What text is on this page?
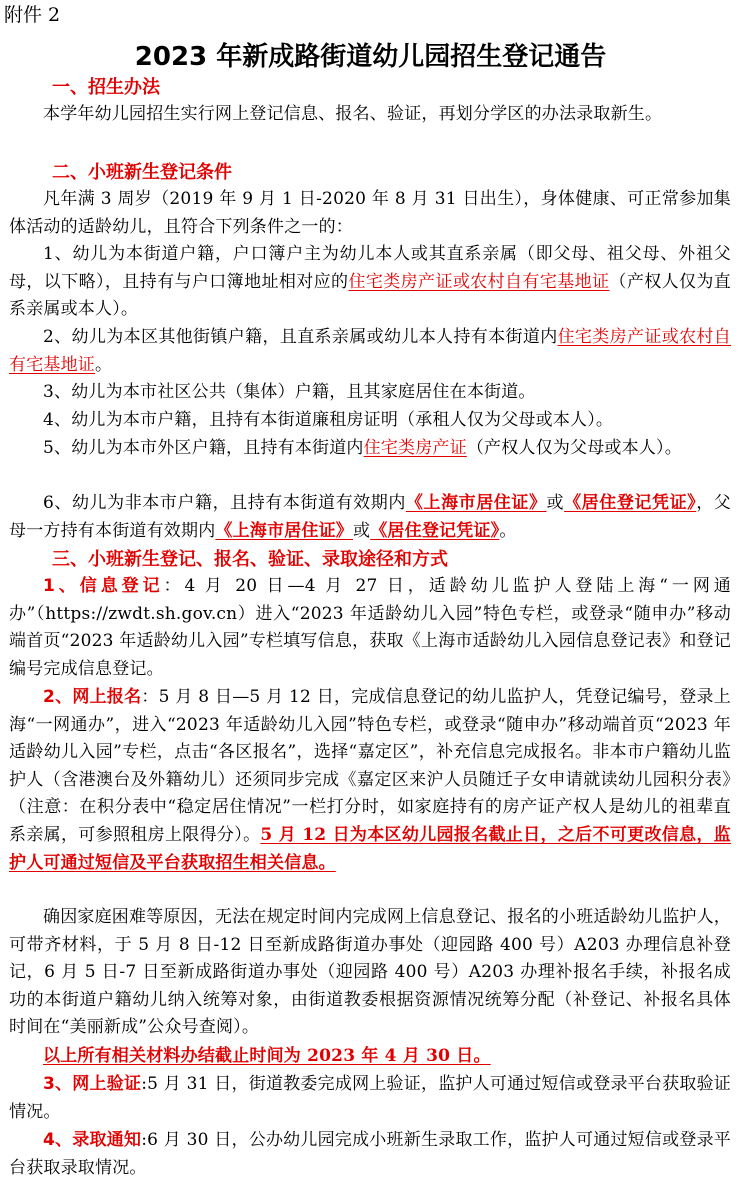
附件 2
2023 年新成路街道幼儿园招生登记通告
一、招生办法
本学年幼儿园招生实行网上登记信息、报名、验证，再划分学区的办法录取新生。
二、小班新生登记条件
凡年满 3 周岁（2019 年 9 月 1 日-2020 年 8 月 31 日出生），身体健康、可正常参加集体活动的适龄幼儿，且符合下列条件之一的：
1、幼儿为本街道户籍，户口簿户主为幼儿本人或其直系亲属（即父母、祖父母、外祖父母，以下略），且持有与户口簿地址相对应的住宅类房产证或农村自有宅基地证（产权人仅为直系亲属或本人）。
2、幼儿为本区其他街镇户籍，且直系亲属或幼儿本人持有本街道内住宅类房产证或农村自有宅基地证。
3、幼儿为本市社区公共（集体）户籍，且其家庭居住在本街道。
4、幼儿为本市户籍，且持有本街道廉租房证明（承租人仅为父母或本人）。
5、幼儿为本市外区户籍，且持有本街道内住宅类房产证（产权人仅为父母或本人）。
6、幼儿为非本市户籍，且持有本街道有效期内《上海市居住证》或《居住登记凭证》，父母一方持有本街道有效期内《上海市居住证》或《居住登记凭证》。
三、小班新生登记、报名、验证、录取途径和方式
1、信息登记：4 月 20 日—4 月 27 日，适龄幼儿监护人登陆上海“一网通办”（https://zwdt.sh.gov.cn）进入“2023 年适龄幼儿入园”特色专栏，或登录“随申办”移动端首页“2023 年适龄幼儿入园”专栏填写信息，获取《上海市适龄幼儿入园信息登记表》和登记编号完成信息登记。
2、网上报名：5 月 8 日—5 月 12 日，完成信息登记的幼儿监护人，凭登记编号，登录上海“一网通办”，进入“2023 年适龄幼儿入园”特色专栏，或登录“随申办”移动端首页“2023 年适龄幼儿入园”专栏，点击“各区报名”，选择“嘉定区”，补充信息完成报名。非本市户籍幼儿监护人（含港澳台及外籍幼儿）还须同步完成《嘉定区来沪人员随迁子女申请就读幼儿园积分表》（注意：在积分表中“稳定居住情况”一栏打分时，如家庭持有的房产证产权人是幼儿的祖辈直系亲属，可参照租房上限得分）。5 月 12 日为本区幼儿园报名截止日，之后不可更改信息，监护人可通过短信及平台获取招生相关信息。
确因家庭困难等原因，无法在规定时间内完成网上信息登记、报名的小班适龄幼儿监护人，可带齐材料，于 5 月 8 日-12 日至新成路街道办事处（迎园路 400 号）A203 办理信息补登记，6 月 5 日-7 日至新成路街道办事处（迎园路 400 号）A203 办理补报名手续，补报名成功的本街道户籍幼儿纳入统筹对象，由街道教委根据资源情况统筹分配（补登记、补报名具体时间在“美丽新成”公众号查阅）。
以上所有相关材料办结截止时间为 2023 年 4 月 30 日。
3、网上验证:5 月 31 日，街道教委完成网上验证，监护人可通过短信或登录平台获取验证情况。
4、录取通知:6 月 30 日，公办幼儿园完成小班新生录取工作，监护人可通过短信或登录平台获取录取情况。
